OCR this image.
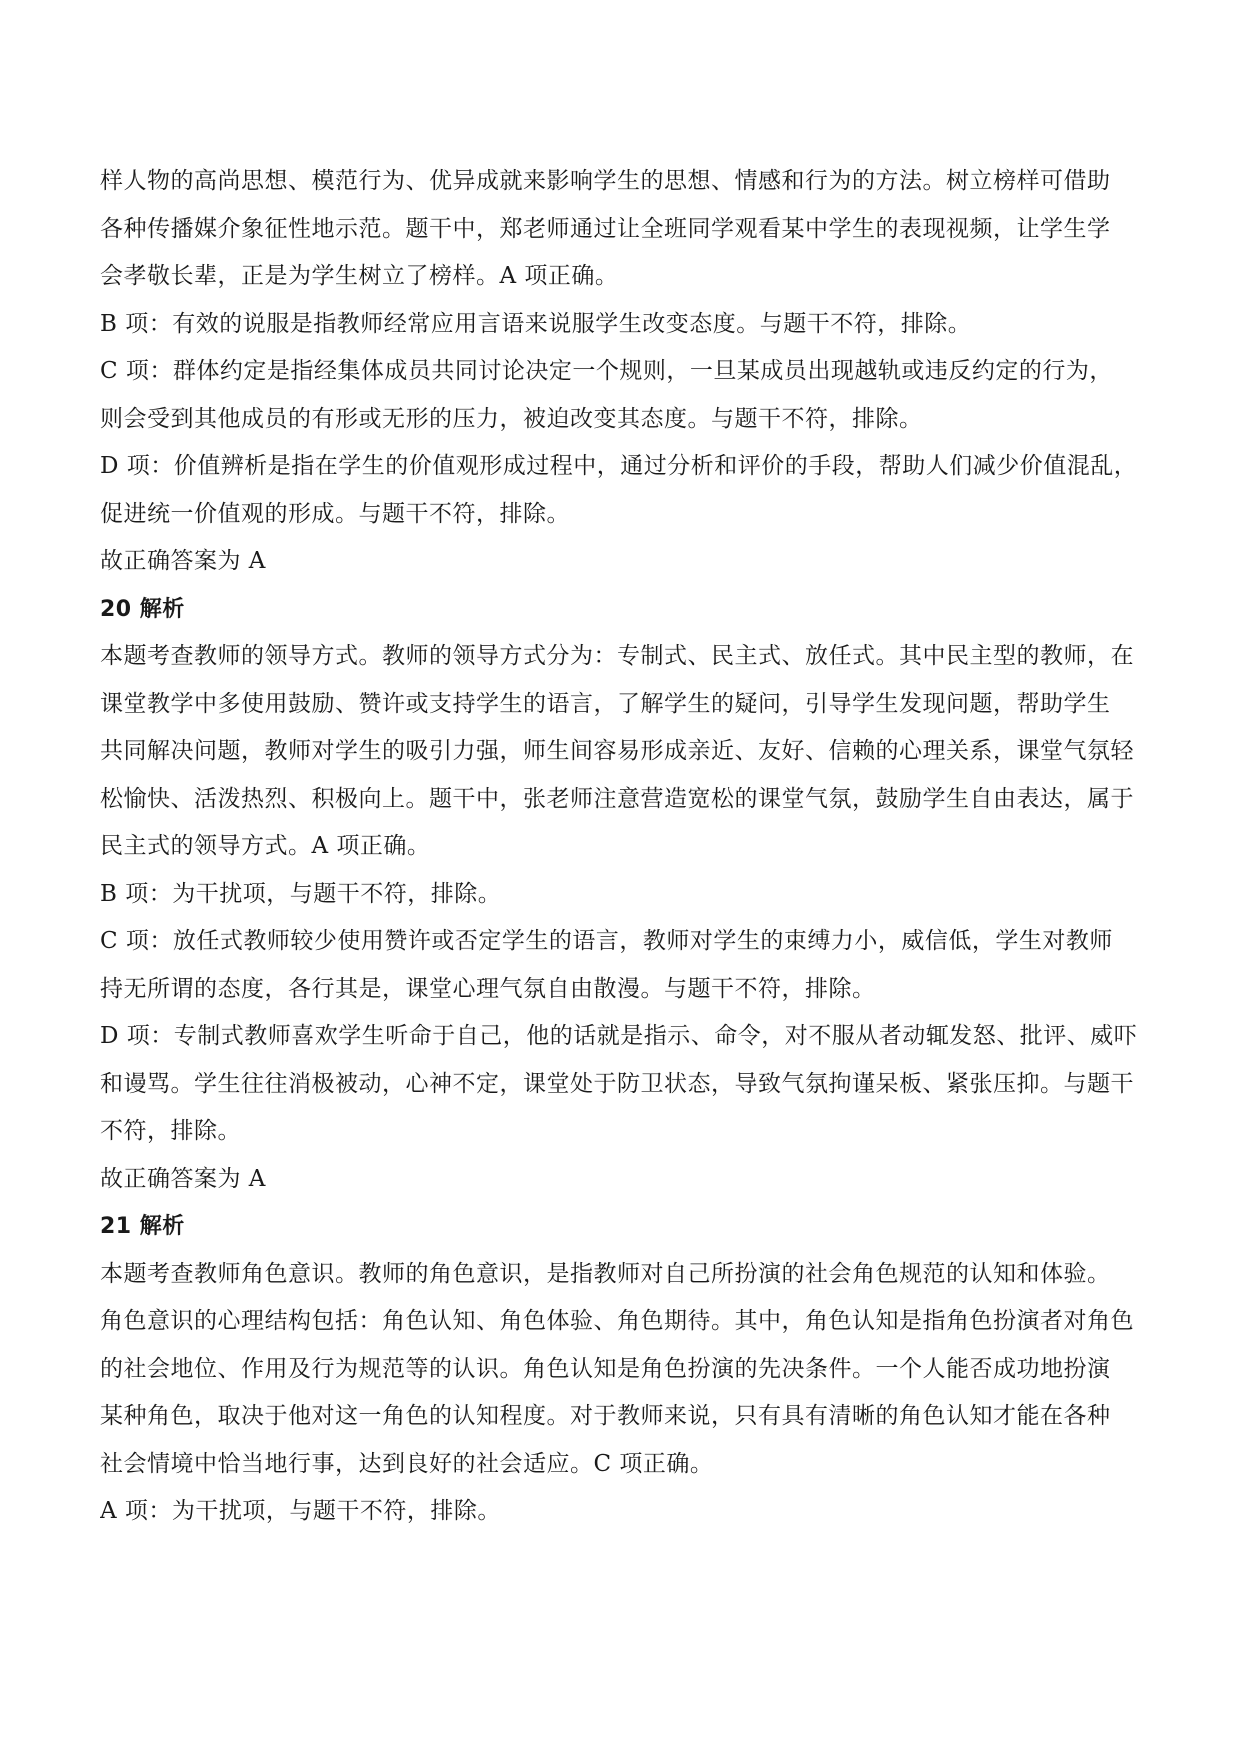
样人物的高尚思想、模范行为、优异成就来影响学生的思想、情感和行为的方法。树立榜样可借助
各种传播媒介象征性地示范。题干中，郑老师通过让全班同学观看某中学生的表现视频，让学生学
会孝敬长辈，正是为学生树立了榜样。A 项正确。
B 项：有效的说服是指教师经常应用言语来说服学生改变态度。与题干不符，排除。
C 项：群体约定是指经集体成员共同讨论决定一个规则，一旦某成员出现越轨或违反约定的行为，
则会受到其他成员的有形或无形的压力，被迫改变其态度。与题干不符，排除。
D 项：价值辨析是指在学生的价值观形成过程中，通过分析和评价的手段，帮助人们减少价值混乱，
促进统一价值观的形成。与题干不符，排除。
故正确答案为 A
20 解析
本题考查教师的领导方式。教师的领导方式分为：专制式、民主式、放任式。其中民主型的教师，在
课堂教学中多使用鼓励、赞许或支持学生的语言，了解学生的疑问，引导学生发现问题，帮助学生
共同解决问题，教师对学生的吸引力强，师生间容易形成亲近、友好、信赖的心理关系，课堂气氛轻
松愉快、活泼热烈、积极向上。题干中，张老师注意营造宽松的课堂气氛，鼓励学生自由表达，属于
民主式的领导方式。A 项正确。
B 项：为干扰项，与题干不符，排除。
C 项：放任式教师较少使用赞许或否定学生的语言，教师对学生的束缚力小，威信低，学生对教师
持无所谓的态度，各行其是，课堂心理气氛自由散漫。与题干不符，排除。
D 项：专制式教师喜欢学生听命于自己，他的话就是指示、命令，对不服从者动辄发怒、批评、威吓
和谩骂。学生往往消极被动，心神不定，课堂处于防卫状态，导致气氛拘谨呆板、紧张压抑。与题干
不符，排除。
故正确答案为 A
21 解析
本题考查教师角色意识。教师的角色意识，是指教师对自己所扮演的社会角色规范的认知和体验。
角色意识的心理结构包括：角色认知、角色体验、角色期待。其中，角色认知是指角色扮演者对角色
的社会地位、作用及行为规范等的认识。角色认知是角色扮演的先决条件。一个人能否成功地扮演
某种角色，取决于他对这一角色的认知程度。对于教师来说，只有具有清晰的角色认知才能在各种
社会情境中恰当地行事，达到良好的社会适应。C 项正确。
A 项：为干扰项，与题干不符，排除。
